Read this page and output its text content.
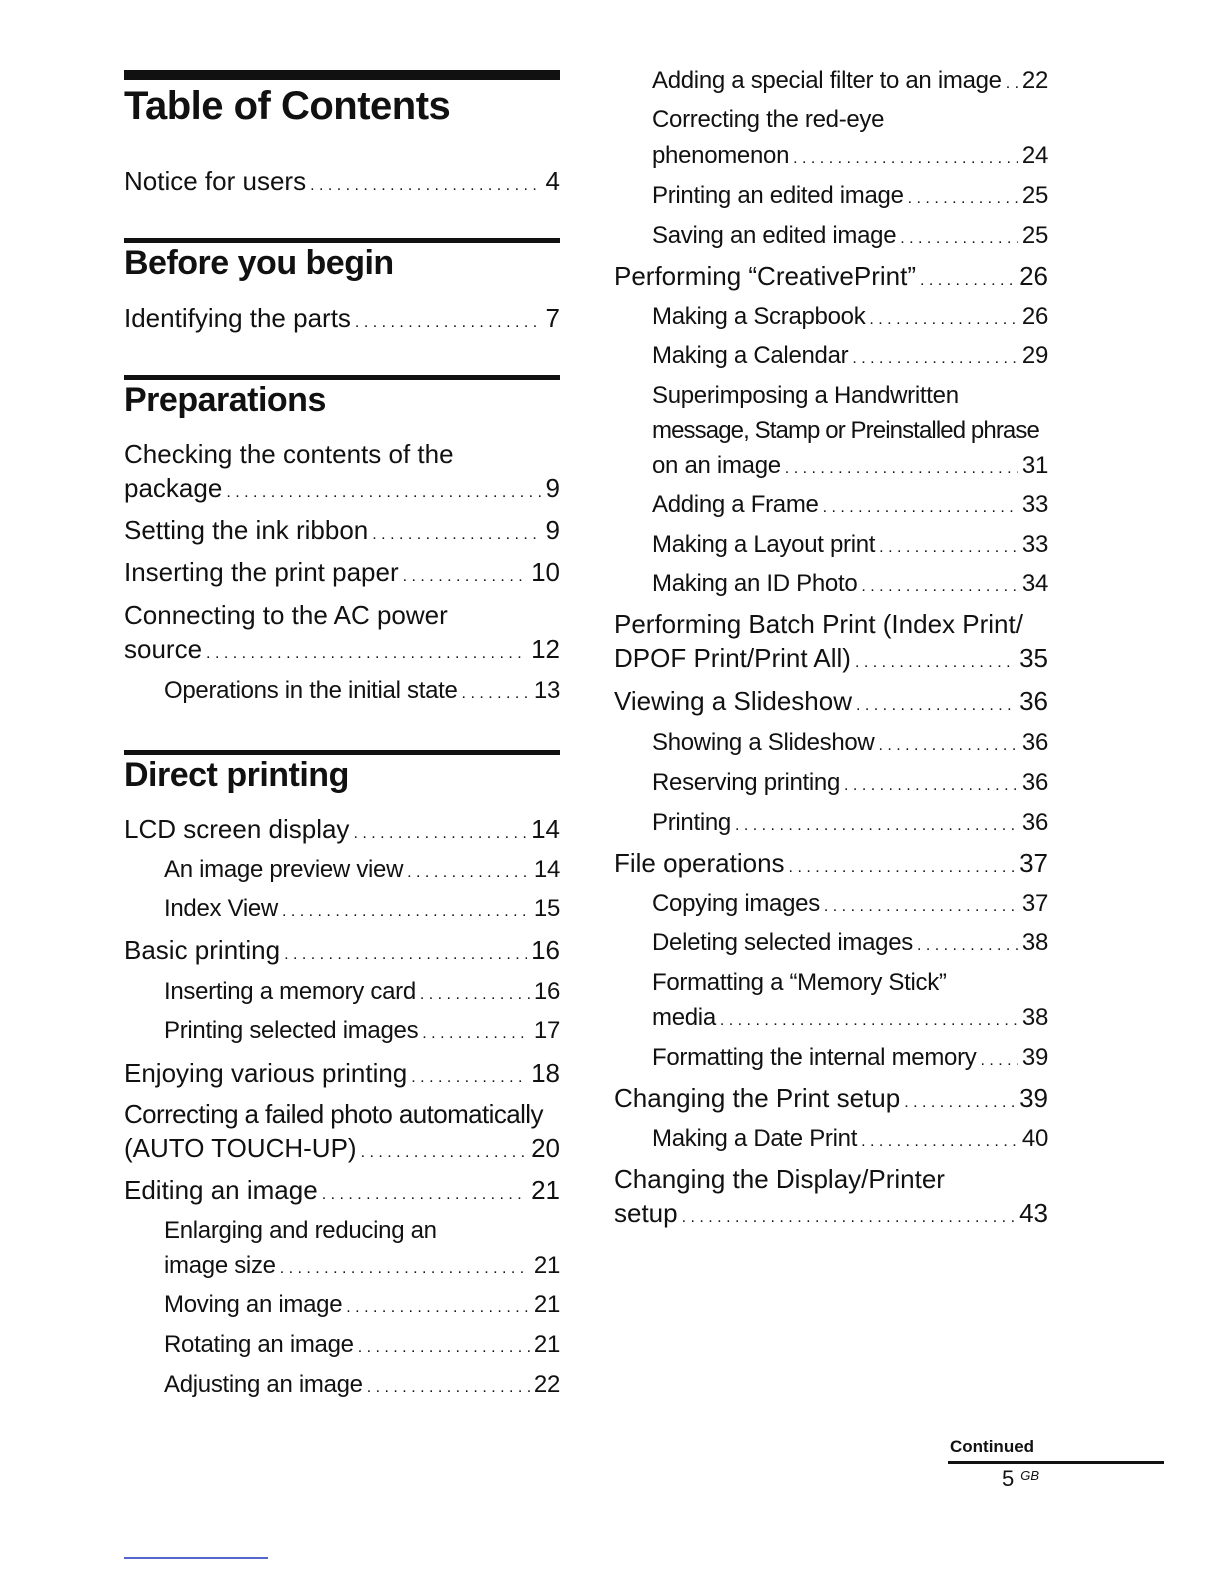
Table of Contents
Notice for users . . .	4
Before you begin
Identifying the parts . . .	7
Preparations
Checking the contents of the
package . . .	9
Setting the ink ribbon . . .	9
Inserting the print paper . . .	10
Connecting to the AC power
source . . .	12
Operations in the initial state . . .	13
Direct printing
LCD screen display . . .	14
An image preview view . . .	14
Index View . . .	15
Basic printing . . .	16
Inserting a memory card . . .	16
Printing selected images . . .	17
Enjoying various printing . . .	18
Correcting a failed photo automatically
(AUTO TOUCH-UP) . . .	20
Editing an image . . .	21
Enlarging and reducing an
image size . . .	21
Moving an image . . .	21
Rotating an image . . .	21
Adjusting an image . . .	22
Adding a special filter to an image . . . 22
Correcting the red-eye
phenomenon . . .	24
Printing an edited image . . .	25
Saving an edited image . . .	25
Performing “CreativePrint” . . .	26
Making a Scrapbook . . .	26
Making a Calendar . . .	29
Superimposing a Handwritten
message, Stamp or Preinstalled phrase
on an image . . .	31
Adding a Frame . . .	33
Making a Layout print . . .	33
Making an ID Photo . . .	34
Performing Batch Print (Index Print/
DPOF Print/Print All) . . .	35
Viewing a Slideshow . . .	36
Showing a Slideshow . . .	36
Reserving printing . . .	36
Printing . . .	36
File operations . . .	37
Copying images . . .	37
Deleting selected images . . .	38
Formatting a “Memory Stick”
media . . .	38
Formatting the internal memory . . . 39
Changing the Print setup . . .	39
Making a Date Print . . .	40
Changing the Display/Printer
setup . . .	43
Continued
5 $^{GB}$
